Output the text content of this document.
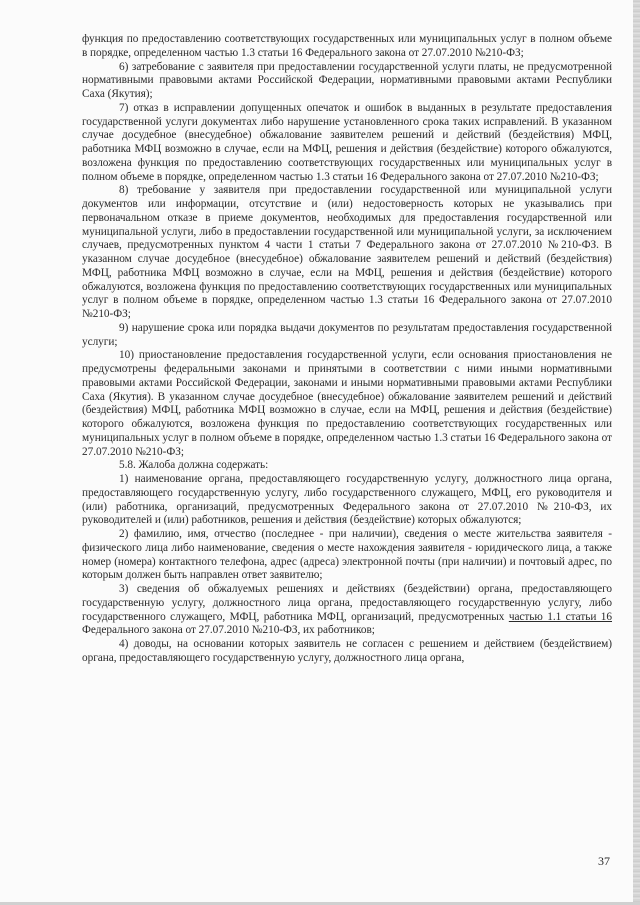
функция по предоставлению соответствующих государственных или муниципальных услуг в полном объеме в порядке, определенном частью 1.3 статьи 16 Федерального закона от 27.07.2010 №210-ФЗ;

6) затребование с заявителя при предоставлении государственной услуги платы, не предусмотренной нормативными правовыми актами Российской Федерации, нормативными правовыми актами Республики Саха (Якутия);

7) отказ в исправлении допущенных опечаток и ошибок в выданных в результате предоставления государственной услуги документах либо нарушение установленного срока таких исправлений. В указанном случае досудебное (внесудебное) обжалование заявителем решений и действий (бездействия) МФЦ, работника МФЦ возможно в случае, если на МФЦ, решения и действия (бездействие) которого обжалуются, возложена функция по предоставлению соответствующих государственных или муниципальных услуг в полном объеме в порядке, определенном частью 1.3 статьи 16 Федерального закона от 27.07.2010 №210-ФЗ;

8) требование у заявителя при предоставлении государственной или муниципальной услуги документов или информации, отсутствие и (или) недостоверность которых не указывались при первоначальном отказе в приеме документов, необходимых для предоставления государственной или муниципальной услуги, либо в предоставлении государственной или муниципальной услуги, за исключением случаев, предусмотренных пунктом 4 части 1 статьи 7 Федерального закона от 27.07.2010 №210-ФЗ. В указанном случае досудебное (внесудебное) обжалование заявителем решений и действий (бездействия) МФЦ, работника МФЦ возможно в случае, если на МФЦ, решения и действия (бездействие) которого обжалуются, возложена функция по предоставлению соответствующих государственных или муниципальных услуг в полном объеме в порядке, определенном частью 1.3 статьи 16 Федерального закона от 27.07.2010 №210-ФЗ;

9) нарушение срока или порядка выдачи документов по результатам предоставления государственной услуги;

10) приостановление предоставления государственной услуги, если основания приостановления не предусмотрены федеральными законами и принятыми в соответствии с ними иными нормативными правовыми актами Российской Федерации, законами и иными нормативными правовыми актами Республики Саха (Якутия). В указанном случае досудебное (внесудебное) обжалование заявителем решений и действий (бездействия) МФЦ, работника МФЦ возможно в случае, если на МФЦ, решения и действия (бездействие) которого обжалуются, возложена функция по предоставлению соответствующих государственных или муниципальных услуг в полном объеме в порядке, определенном частью 1.3 статьи 16 Федерального закона от 27.07.2010 №210-ФЗ;

5.8. Жалоба должна содержать:

1) наименование органа, предоставляющего государственную услугу, должностного лица органа, предоставляющего государственную услугу, либо государственного служащего, МФЦ, его руководителя и (или) работника, организаций, предусмотренных Федерального закона от 27.07.2010 №210-ФЗ, их руководителей и (или) работников, решения и действия (бездействие) которых обжалуются;

2) фамилию, имя, отчество (последнее - при наличии), сведения о месте жительства заявителя - физического лица либо наименование, сведения о месте нахождения заявителя - юридического лица, а также номер (номера) контактного телефона, адрес (адреса) электронной почты (при наличии) и почтовый адрес, по которым должен быть направлен ответ заявителю;

3) сведения об обжалуемых решениях и действиях (бездействии) органа, предоставляющего государственную услугу, должностного лица органа, предоставляющего государственную услугу, либо государственного служащего, МФЦ, работника МФЦ, организаций, предусмотренных частью 1.1 статьи 16 Федерального закона от 27.07.2010 №210-ФЗ, их работников;

4) доводы, на основании которых заявитель не согласен с решением и действием (бездействием) органа, предоставляющего государственную услугу, должностного лица органа,

37
